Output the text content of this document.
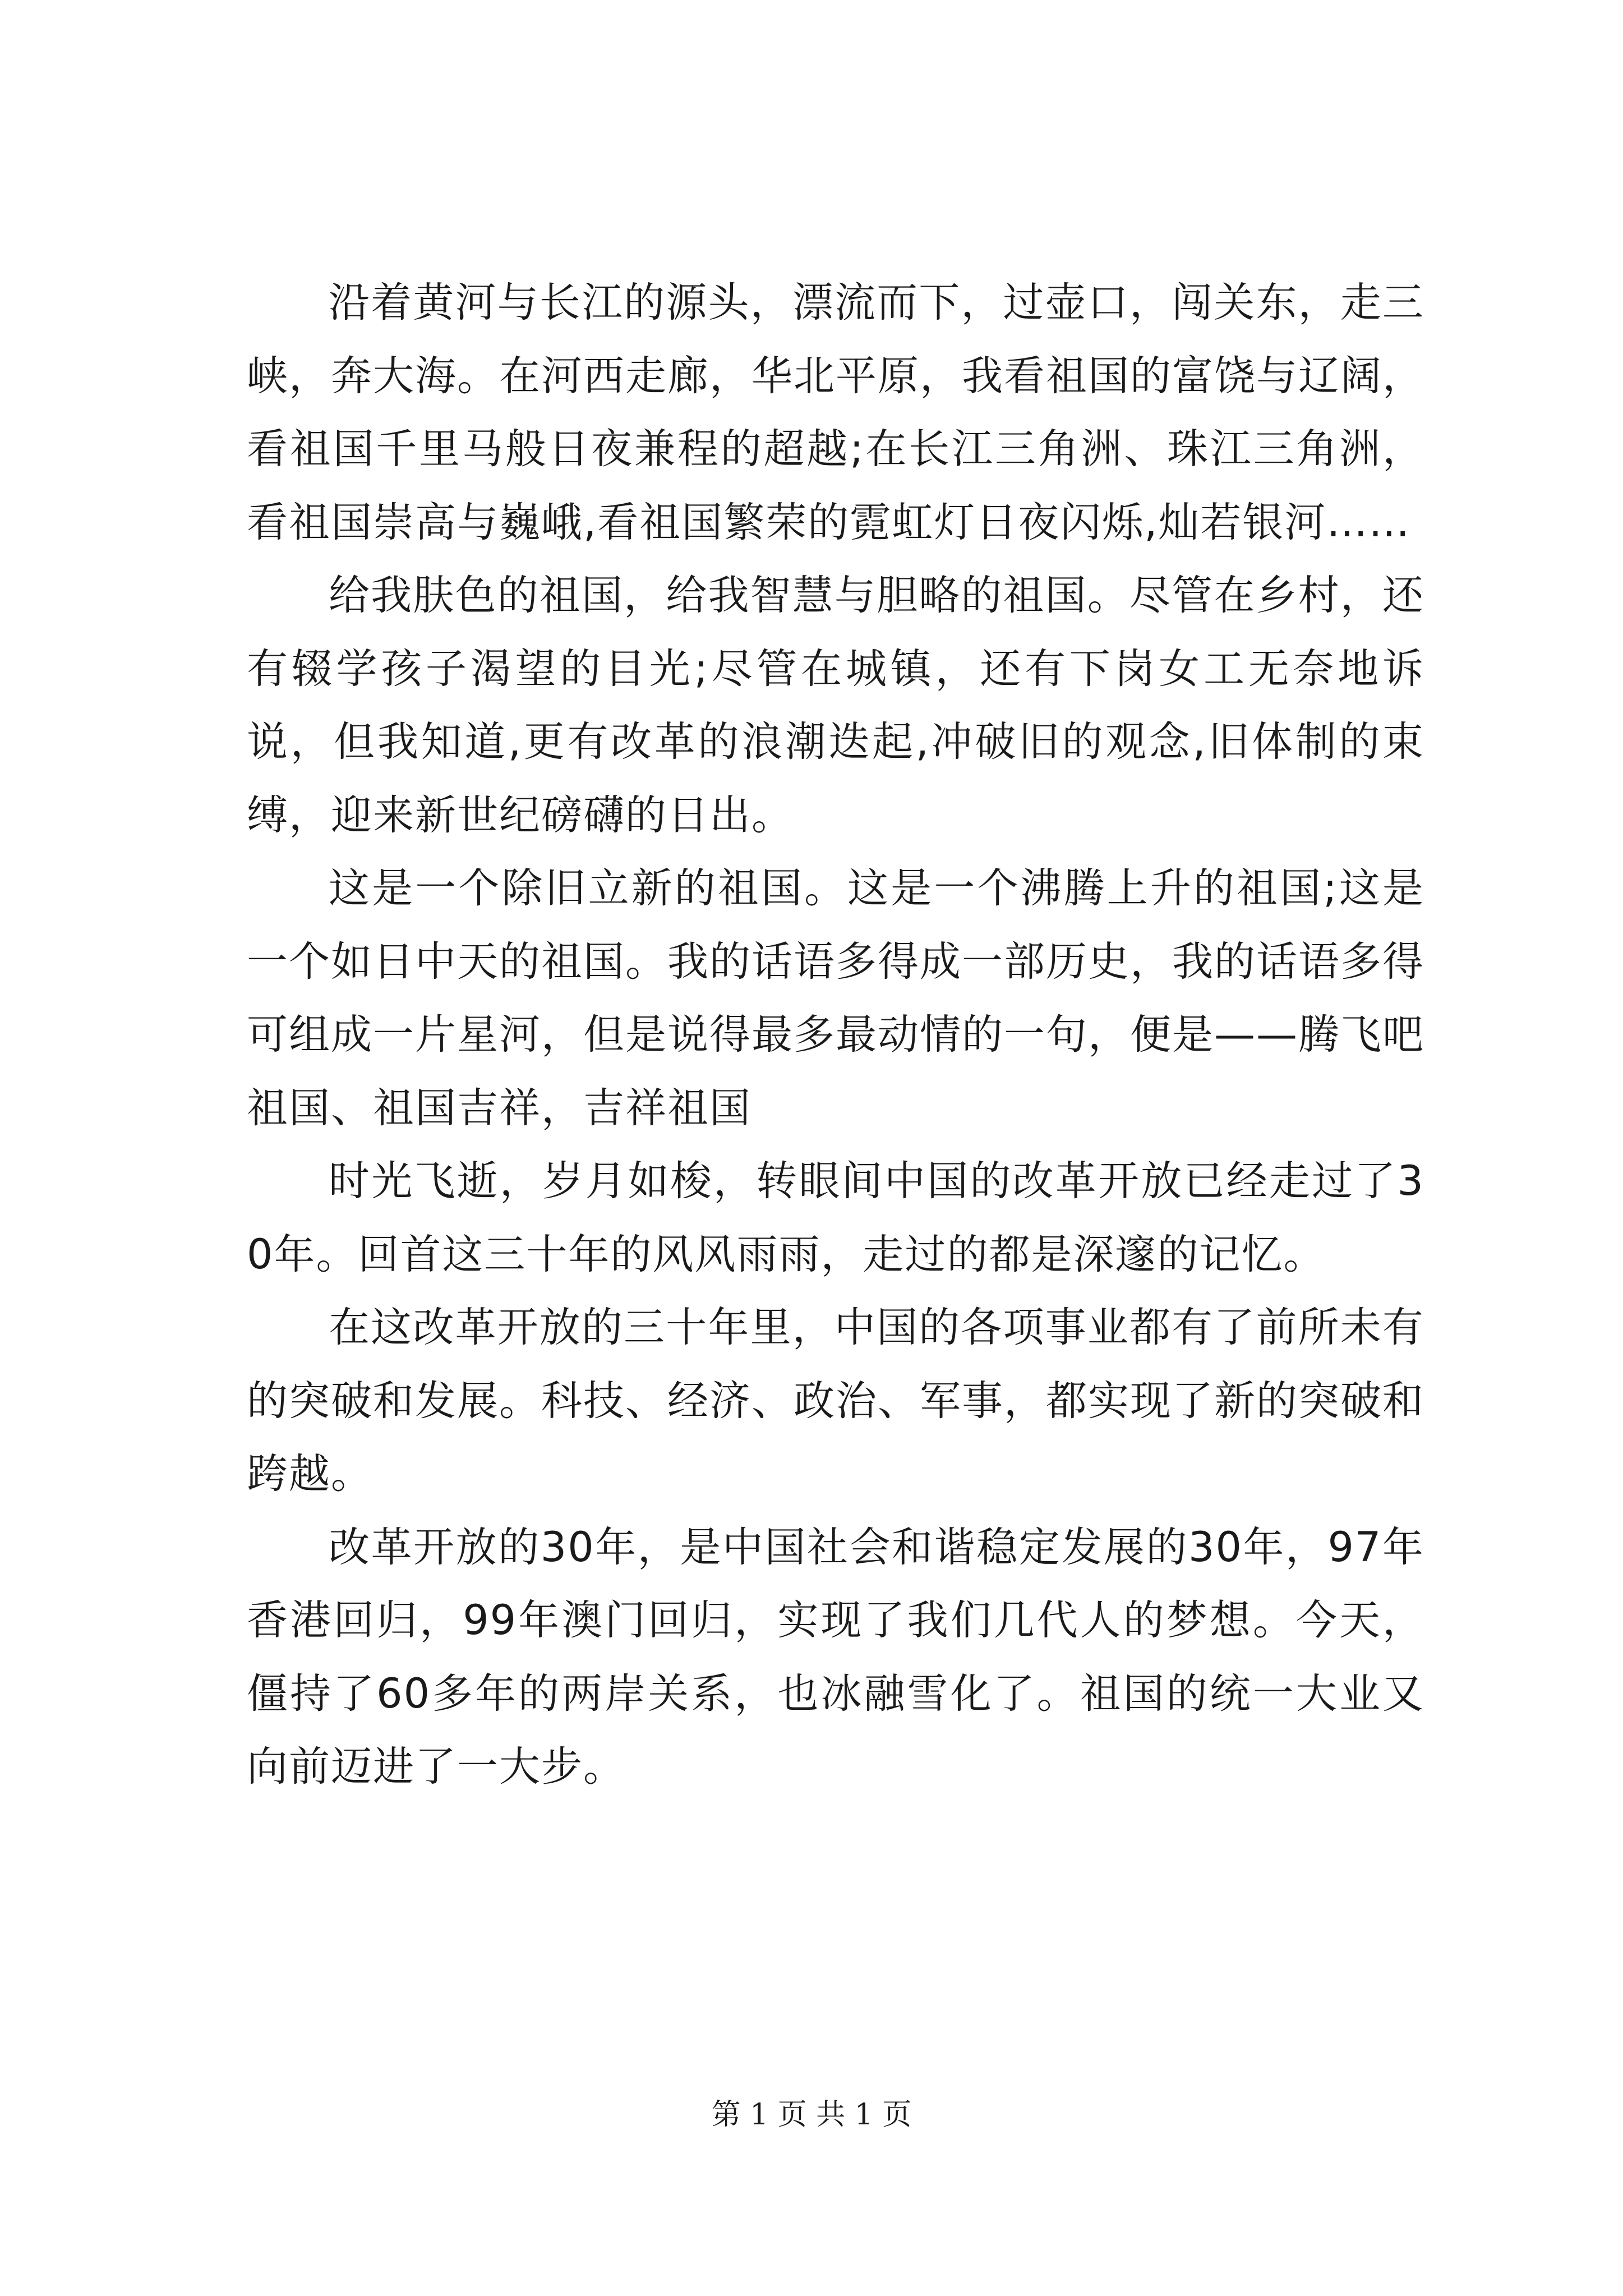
沿着黄河与长江的源头，漂流而下，过壶口，闯关东，走三峡，奔大海。在河西走廊，华北平原，我看祖国的富饶与辽阔，看祖国千里马般日夜兼程的超越;在长江三角洲、珠江三角洲，看祖国崇高与巍峨,看祖国繁荣的霓虹灯日夜闪烁,灿若银河……

给我肤色的祖国，给我智慧与胆略的祖国。尽管在乡村，还有辍学孩子渴望的目光;尽管在城镇，还有下岗女工无奈地诉说，但我知道,更有改革的浪潮迭起,冲破旧的观念,旧体制的束缚，迎来新世纪磅礴的日出。

这是一个除旧立新的祖国。这是一个沸腾上升的祖国;这是一个如日中天的祖国。我的话语多得成一部历史，我的话语多得可组成一片星河，但是说得最多最动情的一句，便是——腾飞吧祖国、祖国吉祥，吉祥祖国

时光飞逝，岁月如梭，转眼间中国的改革开放已经走过了30年。回首这三十年的风风雨雨，走过的都是深邃的记忆。

在这改革开放的三十年里，中国的各项事业都有了前所未有的突破和发展。科技、经济、政治、军事，都实现了新的突破和跨越。

改革开放的30年，是中国社会和谐稳定发展的30年，97年香港回归，99年澳门回归，实现了我们几代人的梦想。今天，僵持了60多年的两岸关系，也冰融雪化了。祖国的统一大业又向前迈进了一大步。

第 1 页 共 1 页
